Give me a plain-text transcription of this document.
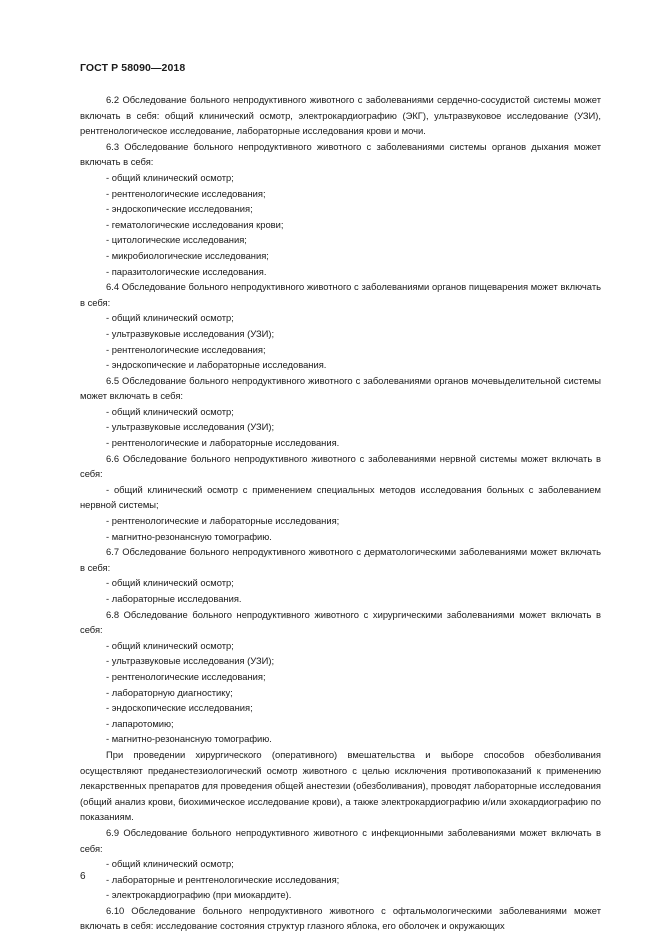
ГОСТ Р 58090—2018
6.2 Обследование больного непродуктивного животного с заболеваниями сердечно-сосудистой системы может включать в себя: общий клинический осмотр, электрокардиографию (ЭКГ), ультразвуковое исследование (УЗИ), рентгенологическое исследование, лабораторные исследования крови и мочи.
6.3 Обследование больного непродуктивного животного с заболеваниями системы органов дыхания может включать в себя:
- общий клинический осмотр;
- рентгенологические исследования;
- эндоскопические исследования;
- гематологические исследования крови;
- цитологические исследования;
- микробиологические исследования;
- паразитологические исследования.
6.4 Обследование больного непродуктивного животного с заболеваниями органов пищеварения может включать в себя:
- общий клинический осмотр;
- ультразвуковые исследования (УЗИ);
- рентгенологические исследования;
- эндоскопические и лабораторные исследования.
6.5 Обследование больного непродуктивного животного с заболеваниями органов мочевыделительной системы может включать в себя:
- общий клинический осмотр;
- ультразвуковые исследования (УЗИ);
- рентгенологические и лабораторные исследования.
6.6 Обследование больного непродуктивного животного с заболеваниями нервной системы может включать в себя:
- общий клинический осмотр с применением специальных методов исследования больных с заболеванием нервной системы;
- рентгенологические и лабораторные исследования;
- магнитно-резонансную томографию.
6.7 Обследование больного непродуктивного животного с дерматологическими заболеваниями может включать в себя:
- общий клинический осмотр;
- лабораторные исследования.
6.8 Обследование больного непродуктивного животного с хирургическими заболеваниями может включать в себя:
- общий клинический осмотр;
- ультразвуковые исследования (УЗИ);
- рентгенологические исследования;
- лабораторную диагностику;
- эндоскопические исследования;
- лапаротомию;
- магнитно-резонансную томографию.
При проведении хирургического (оперативного) вмешательства и выборе способов обезболивания осуществляют преданестезиологический осмотр животного с целью исключения противопоказаний к применению лекарственных препаратов для проведения общей анестезии (обезболивания), проводят лабораторные исследования (общий анализ крови, биохимическое исследование крови), а также электрокардиографию и/или эхокардиографию по показаниям.
6.9 Обследование больного непродуктивного животного с инфекционными заболеваниями может включать в себя:
- общий клинический осмотр;
- лабораторные и рентгенологические исследования;
- электрокардиографию (при миокардите).
6.10 Обследование больного непродуктивного животного с офтальмологическими заболеваниями может включать в себя: исследование состояния структур глазного яблока, его оболочек и окружающих
6
